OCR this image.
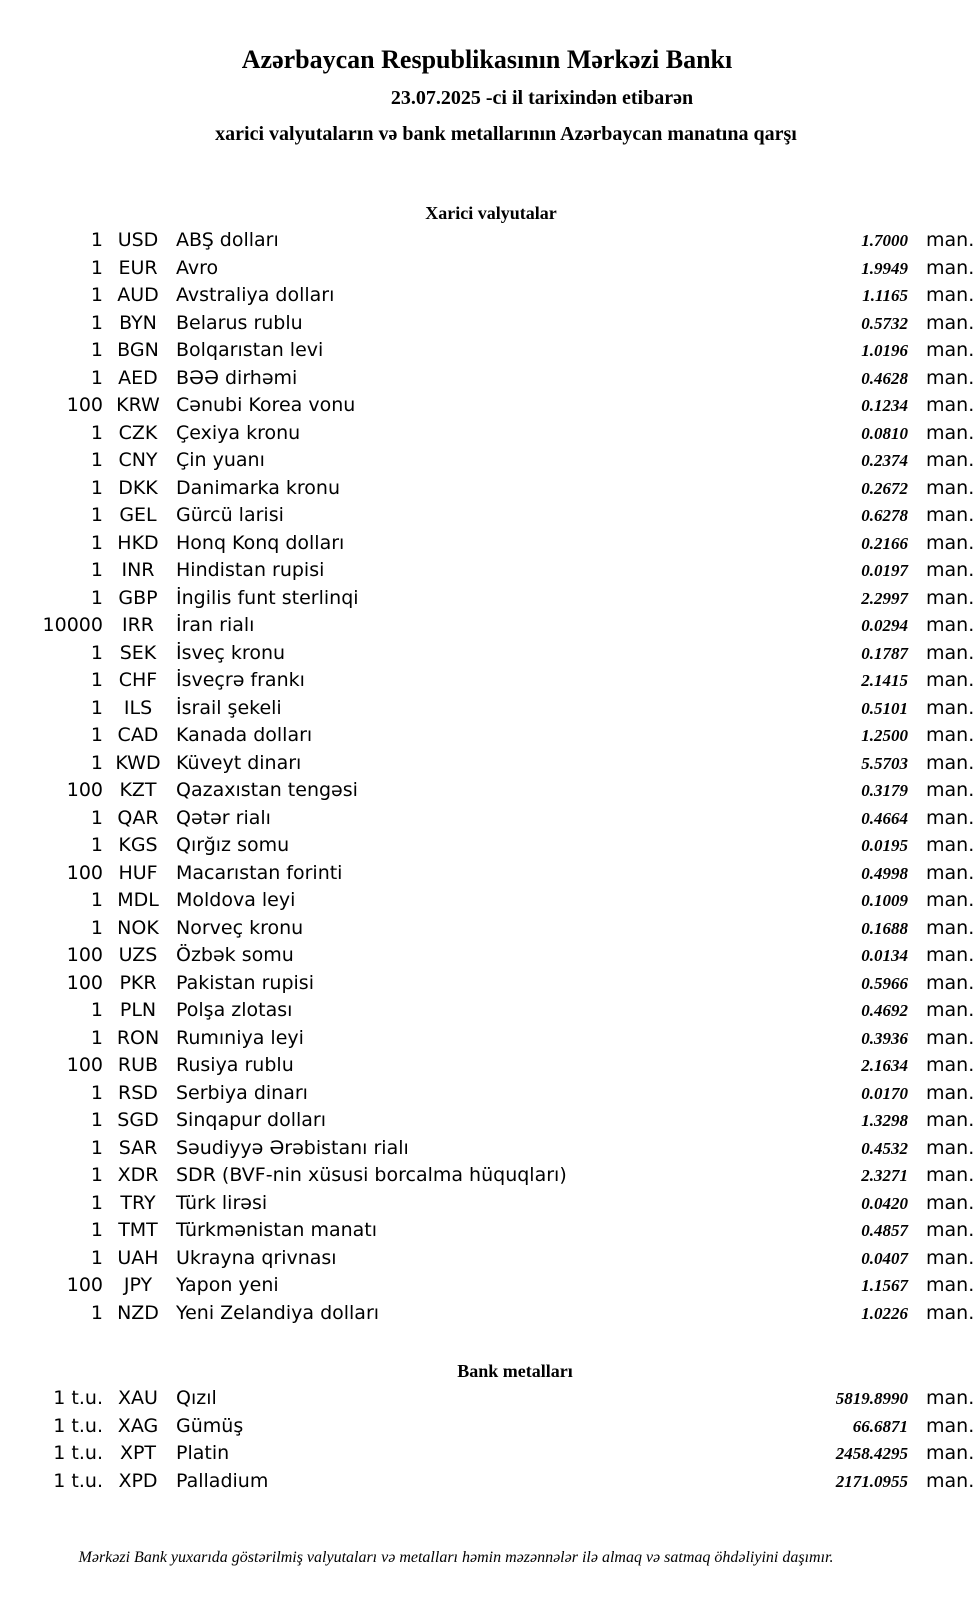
Azərbaycan Respublikasının Mərkəzi Bankı

23.07.2025 -ci il tarixindən etibarən

xarici valyutaların və bank metallarının Azərbaycan manatına qarşı

Xarici valyutalar
1 USD ABŞ dolları	1.7000 man.
1 EUR Avro	1.9949 man.
1 AUD Avstraliya dolları	1.1165 man.
1 BYN	Belarus rublu	0.5732 man.
1 BGN Bolqarıstan levi	1.0196 man.
1 AED BƏƏ dirhəmi	0.4628 man.
100 KRW Cənubi Korea vonu	0.1234 man.
1 CZK Çexiya kronu	0.0810 man.
1 CNY Çin yuanı	0.2374 man.
1 DKK Danimarka kronu	0.2672 man.
1 GEL	Gürcü larisi	0.6278 man.
1 HKD Honq Konq dolları	0.2166 man.
1 INR	Hindistan rupisi	0.0197 man.
1 GBP İngilis funt sterlinqi	2.2997 man.
10000 IRR	İran rialı	0.0294 man.
1 SEK	İsveç kronu	0.1787 man.
1 CHF İsveçrə frankı	2.1415 man.
1	ILS	İsrail şekeli	0.5101 man.
1 CAD Kanada dolları	1.2500 man.
1 KWD Küveyt dinarı	5.5703 man.
100 KZT	Qazaxıstan tengəsi	0.3179 man.
1 QAR Qətər rialı	0.4664 man.
1 KGS Qırğız somu	0.0195 man.
100 HUF Macarıstan forinti	0.4998 man.
1 MDL Moldova leyi	0.1009 man.
1 NOK Norveç kronu	0.1688 man.
100 UZS Özbək somu	0.0134 man.
100 PKR	Pakistan rupisi	0.5966 man.
1 PLN	Polşa zlotası	0.4692 man.
1 RON Rumıniya leyi	0.3936 man.
100 RUB Rusiya rublu	2.1634 man.
1 RSD Serbiya dinarı	0.0170 man.
1 SGD Sinqapur dolları	1.3298 man.
1 SAR Səudiyyə Ərəbistanı rialı	0.4532 man.
1 XDR SDR (BVF-nin xüsusi borcalma hüquqları)	2.3271 man.
1 TRY	Türk lirəsi	0.0420 man.
1 TMT Türkmənistan manatı	0.4857 man.
1 UAH Ukrayna qrivnası	0.0407 man.
100	JPY	Yapon yeni	1.1567 man.
1 NZD Yeni Zelandiya dolları	1.0226 man.
Bank metalları
1 t.u. XAU Qızıl	5819.8990 man.
1 t.u. XAG Gümüş	66.6871 man.
1 t.u. XPT	Platin	2458.4295 man.
1 t.u. XPD Palladium	2171.0955 man.

Mərkəzi Bank yuxarıda göstərilmiş valyutaları və metalları həmin məzənnələr ilə almaq və satmaq öhdəliyini daşımır.
